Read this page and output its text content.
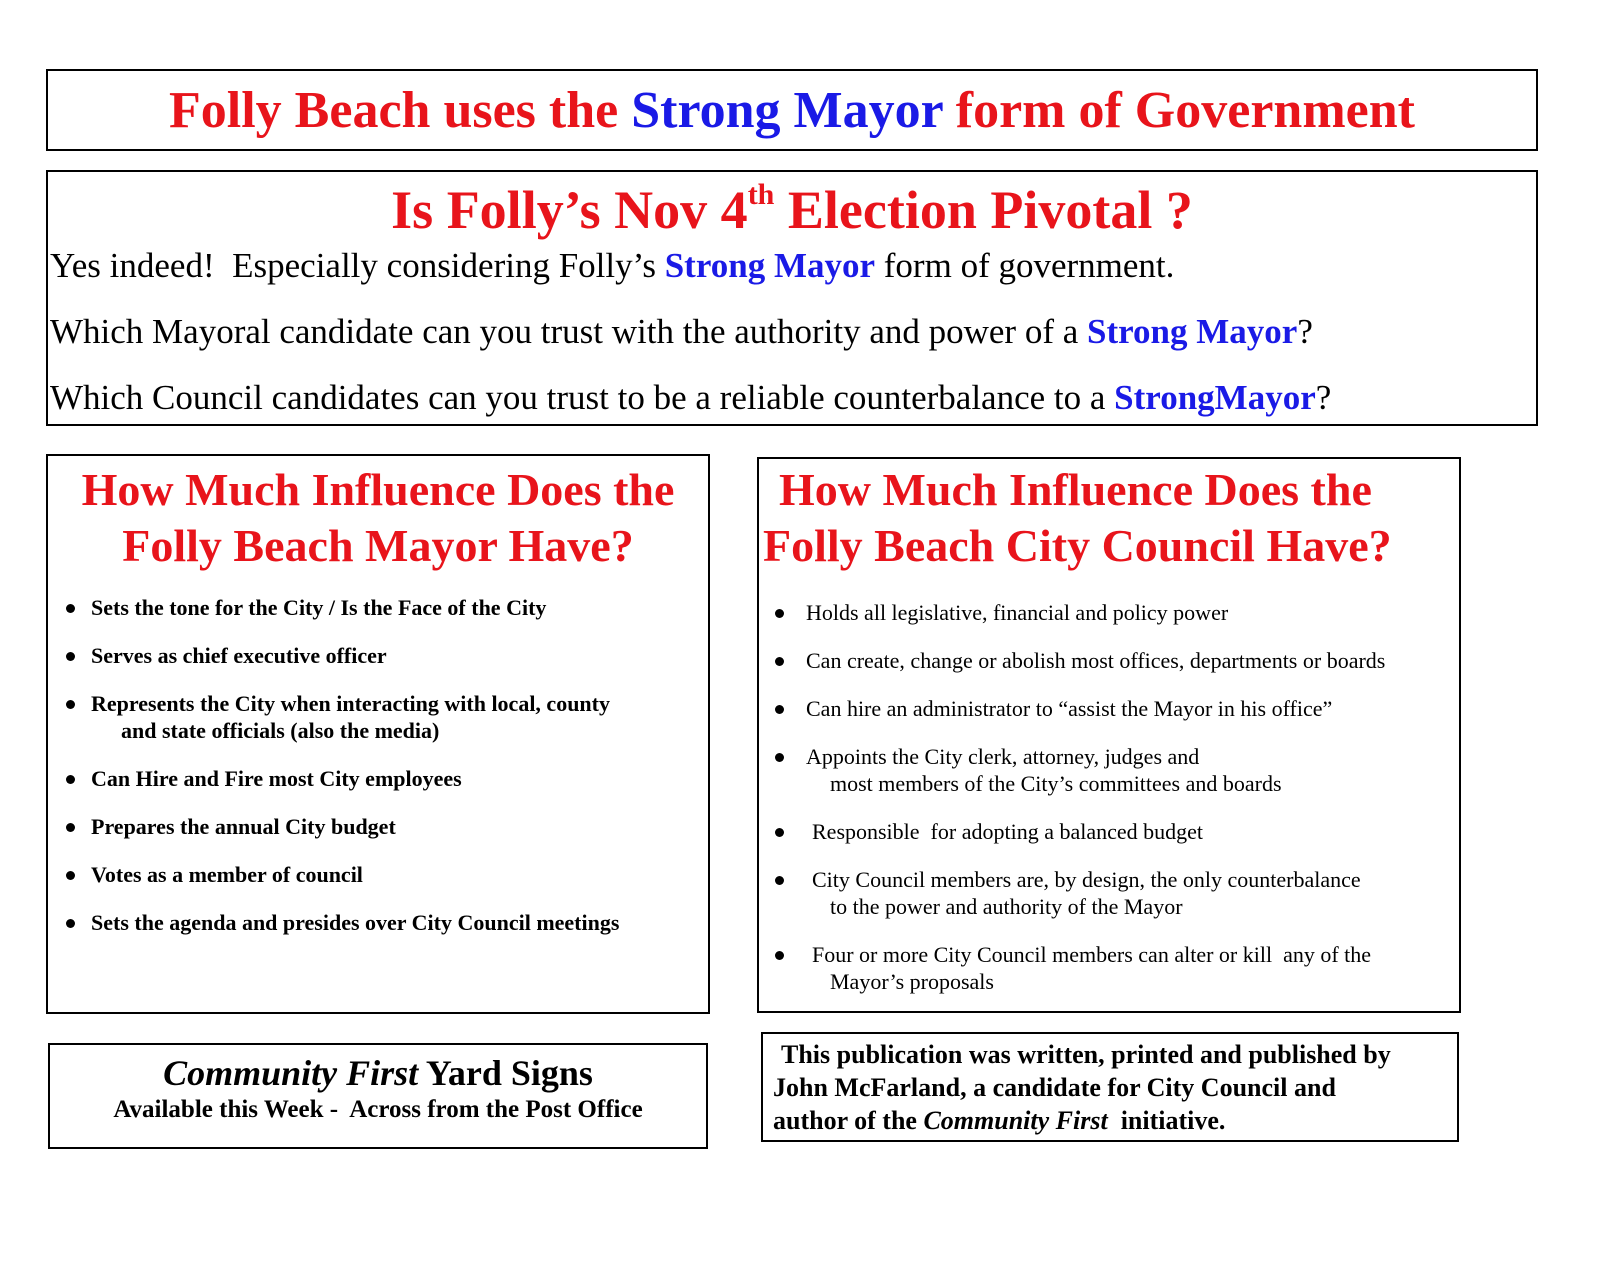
Folly Beach uses the Strong Mayor form of Government
Is Folly’s Nov 4th Election Pivotal ?

Yes indeed!  Especially considering Folly’s Strong Mayor form of government.

Which Mayoral candidate can you trust with the authority and power of a Strong Mayor?

Which Council candidates can you trust to be a reliable counterbalance to a StrongMayor?

How Much Influence Does the
Folly Beach Mayor Have?
Sets the tone for the City / Is the Face of the City
Serves as chief executive officer
Represents the City when interacting with local, county
and state officials (also the media)
Can Hire and Fire most City employees
Prepares the annual City budget
Votes as a member of council
Sets the agenda and presides over City Council meetings
How Much Influence Does the
Folly Beach City Council Have?
Holds all legislative, financial and policy power
Can create, change or abolish most offices, departments or boards
Can hire an administrator to “assist the Mayor in his office”
Appoints the City clerk, attorney, judges and
most members of the City’s committees and boards
Responsible  for adopting a balanced budget
City Council members are, by design, the only counterbalance
to the power and authority of the Mayor
Four or more City Council members can alter or kill  any of the
Mayor’s proposals

Community First Yard Signs

Available this Week -  Across from the Post Office

This publication was written, printed and published by

John McFarland, a candidate for City Council and

author of the Community First  initiative.
